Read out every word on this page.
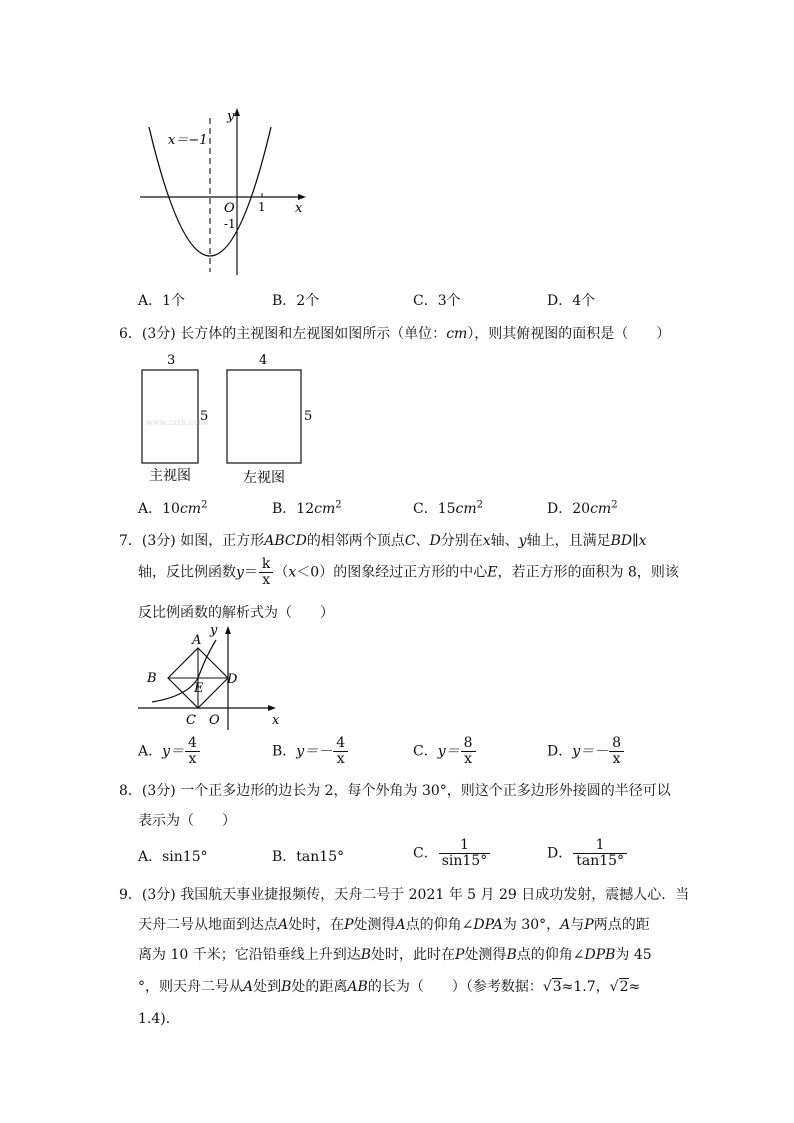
x＝−1
y
x
O 1
-1
A．1个	B．2个	C．3个	D．4个
6．(3分) 长方体的主视图和左视图如图所示（单位：cm），则其俯视图的面积是（　　）
3
5
4
5
www.zxxk.com
主视图	左视图
A．$10cm^2$	B．$12cm^2$	C．$15cm^2$	D．$20cm^2$
7．(3分) 如图，正方形ABCD的相邻两个顶点C、D分别在x轴、y轴上，且满足BD∥x
轴，反比例函数$y= \frac{k}{x} (x<0)$的图象经过正方形的中心E，若正方形的面积为 8，则该
反比例函数的解析式为（　　）
A
y
B
E
D
C O	x
A．$y= \frac{4}{x}$	B．$y=- \frac{4}{x}$	C．$y= \frac{8}{x}$	D．$y=- \frac{8}{x}$
8．(3分) 一个正多边形的边长为 2，每个外角为 30°，则这个正多边形外接圆的半径可以
表示为（　　）
A．sin15°	B．tan15°	C． $\frac{1}{\sin 15^\circ}$	D． $\frac{1}{\tan 15^\circ}$
9．(3分) 我国航天事业捷报频传，天舟二号于 2021 年 5 月 29 日成功发射，震撼人心．当
天舟二号从地面到达点A处时，在P处测得A点的仰角∠DPA为 30°，A与P两点的距
离为 10 千米；它沿铅垂线上升到达B处时，此时在P处测得B点的仰角∠DPB为 45
°，则天舟二号从A处到B处的距离AB的长为（　　）（参考数据：√3≈1.7，√2≈
1.4)．
